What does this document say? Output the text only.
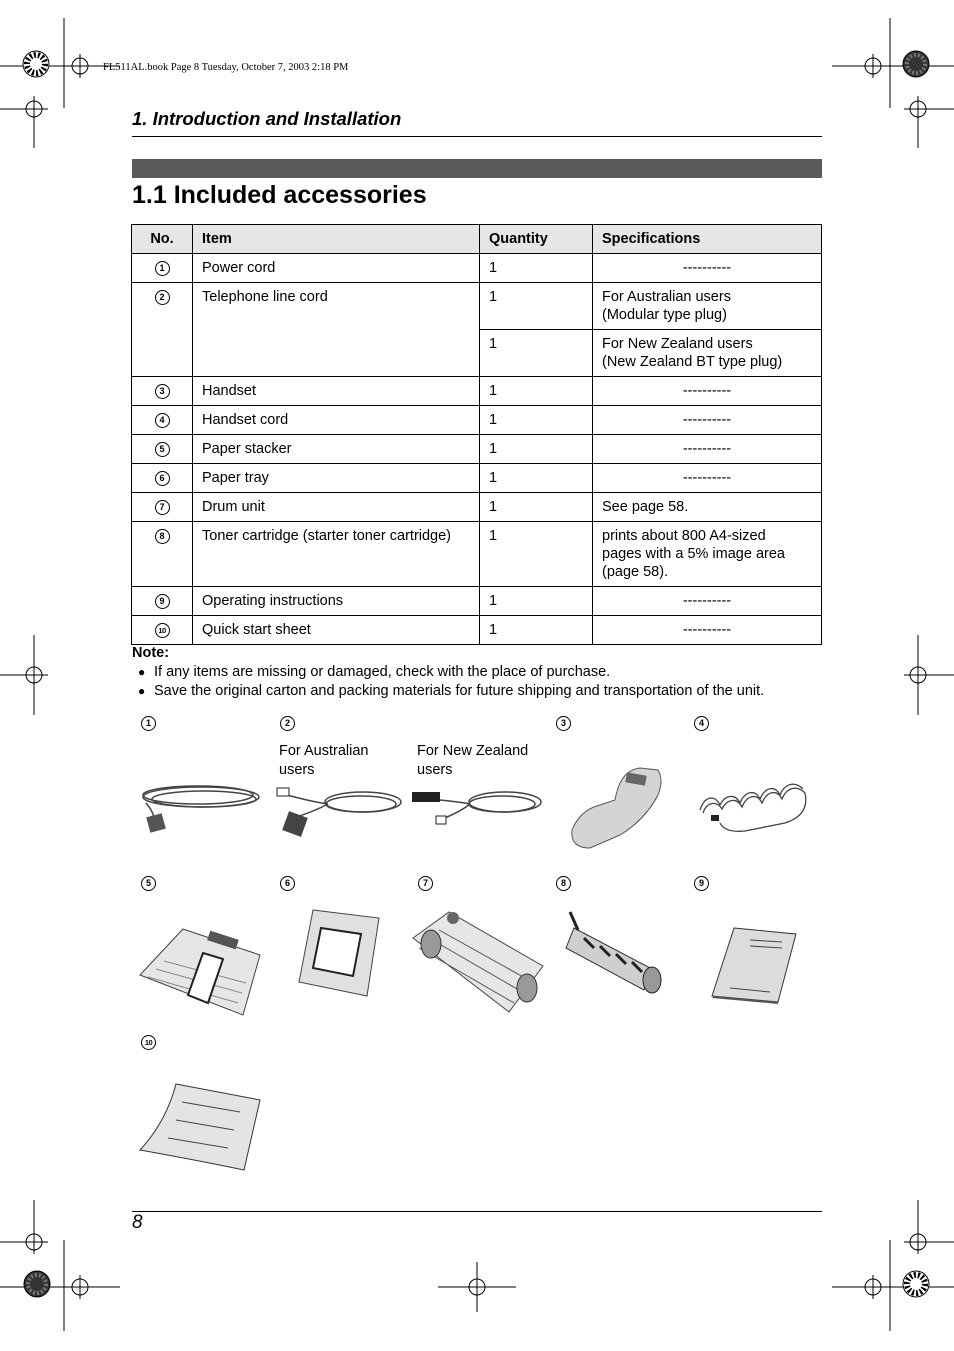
FL511AL.book Page 8 Tuesday, October 7, 2003 2:18 PM
1. Introduction and Installation
1.1 Included accessories
No.	Item	Quantity	Specifications
1	Power cord	1	----------
2	Telephone line cord	1	For Australian users
(Modular type plug)

		1	For New Zealand users
(New Zealand BT type plug)

3	Handset	1	----------
4	Handset cord	1	----------
5	Paper stacker	1	----------
6	Paper tray	1	----------
7	Drum unit	1	See page 58.
8	Toner cartridge (starter toner cartridge)	1	prints about 800 A4-sized
pages with a 5% image area
(page 58).

9	Operating instructions	1	----------
10	Quick start sheet	1	----------
Note:
● If any items are missing or damaged, check with the place of purchase.
● Save the original carton and packing materials for future shipping and transportation of the unit.
1	2	3	4
5	6	7	8	9
10
For Australian
users
For New Zealand
users
8
